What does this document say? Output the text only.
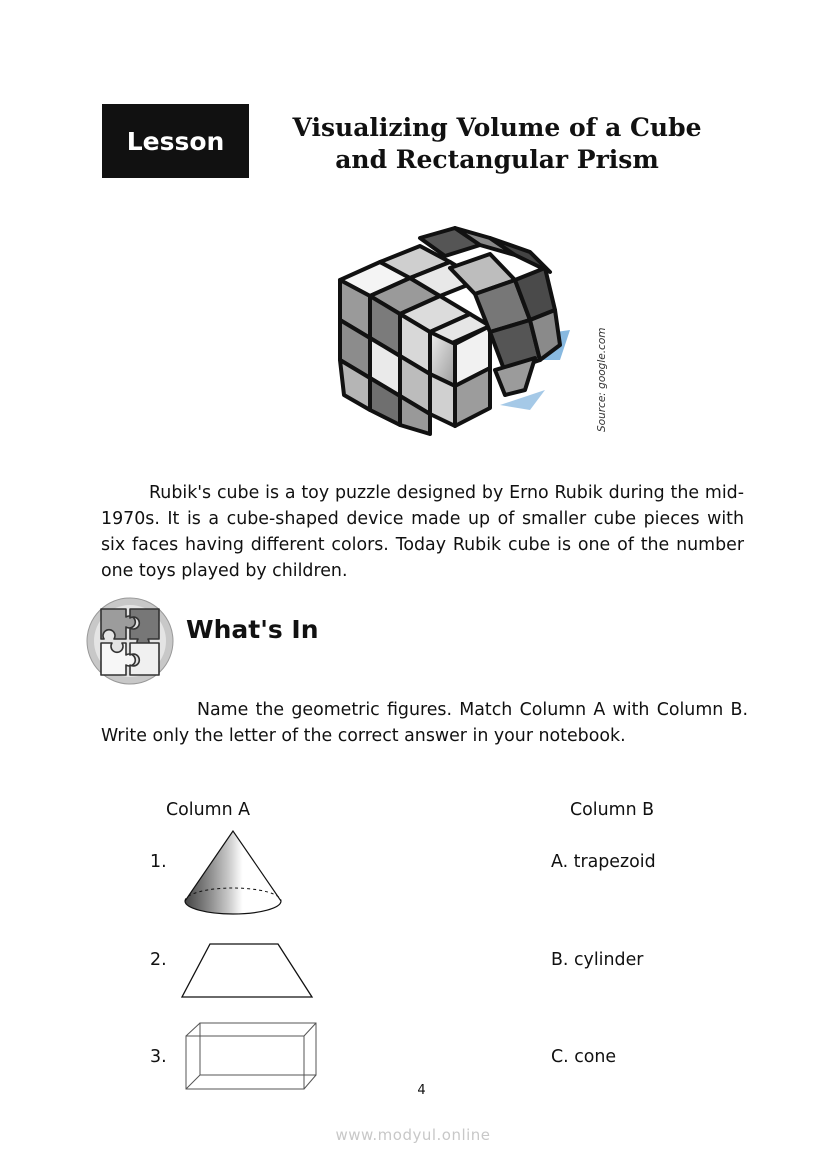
Lesson	Visualizing Volume of a Cube
and Rectangular Prism
Source: google.com
Rubik's cube is a toy puzzle designed by Erno Rubik during the mid-1970s. It is a cube-shaped device made up of smaller cube pieces with six faces having different colors. Today Rubik cube is one of the number one toys played by children.
What's In
Name the geometric figures. Match Column A with Column B. Write only the letter of the correct answer in your notebook.
Column A	Column B
1.	A. trapezoid
2.	B. cylinder
3.	C. cone
4
www.modyul.online
